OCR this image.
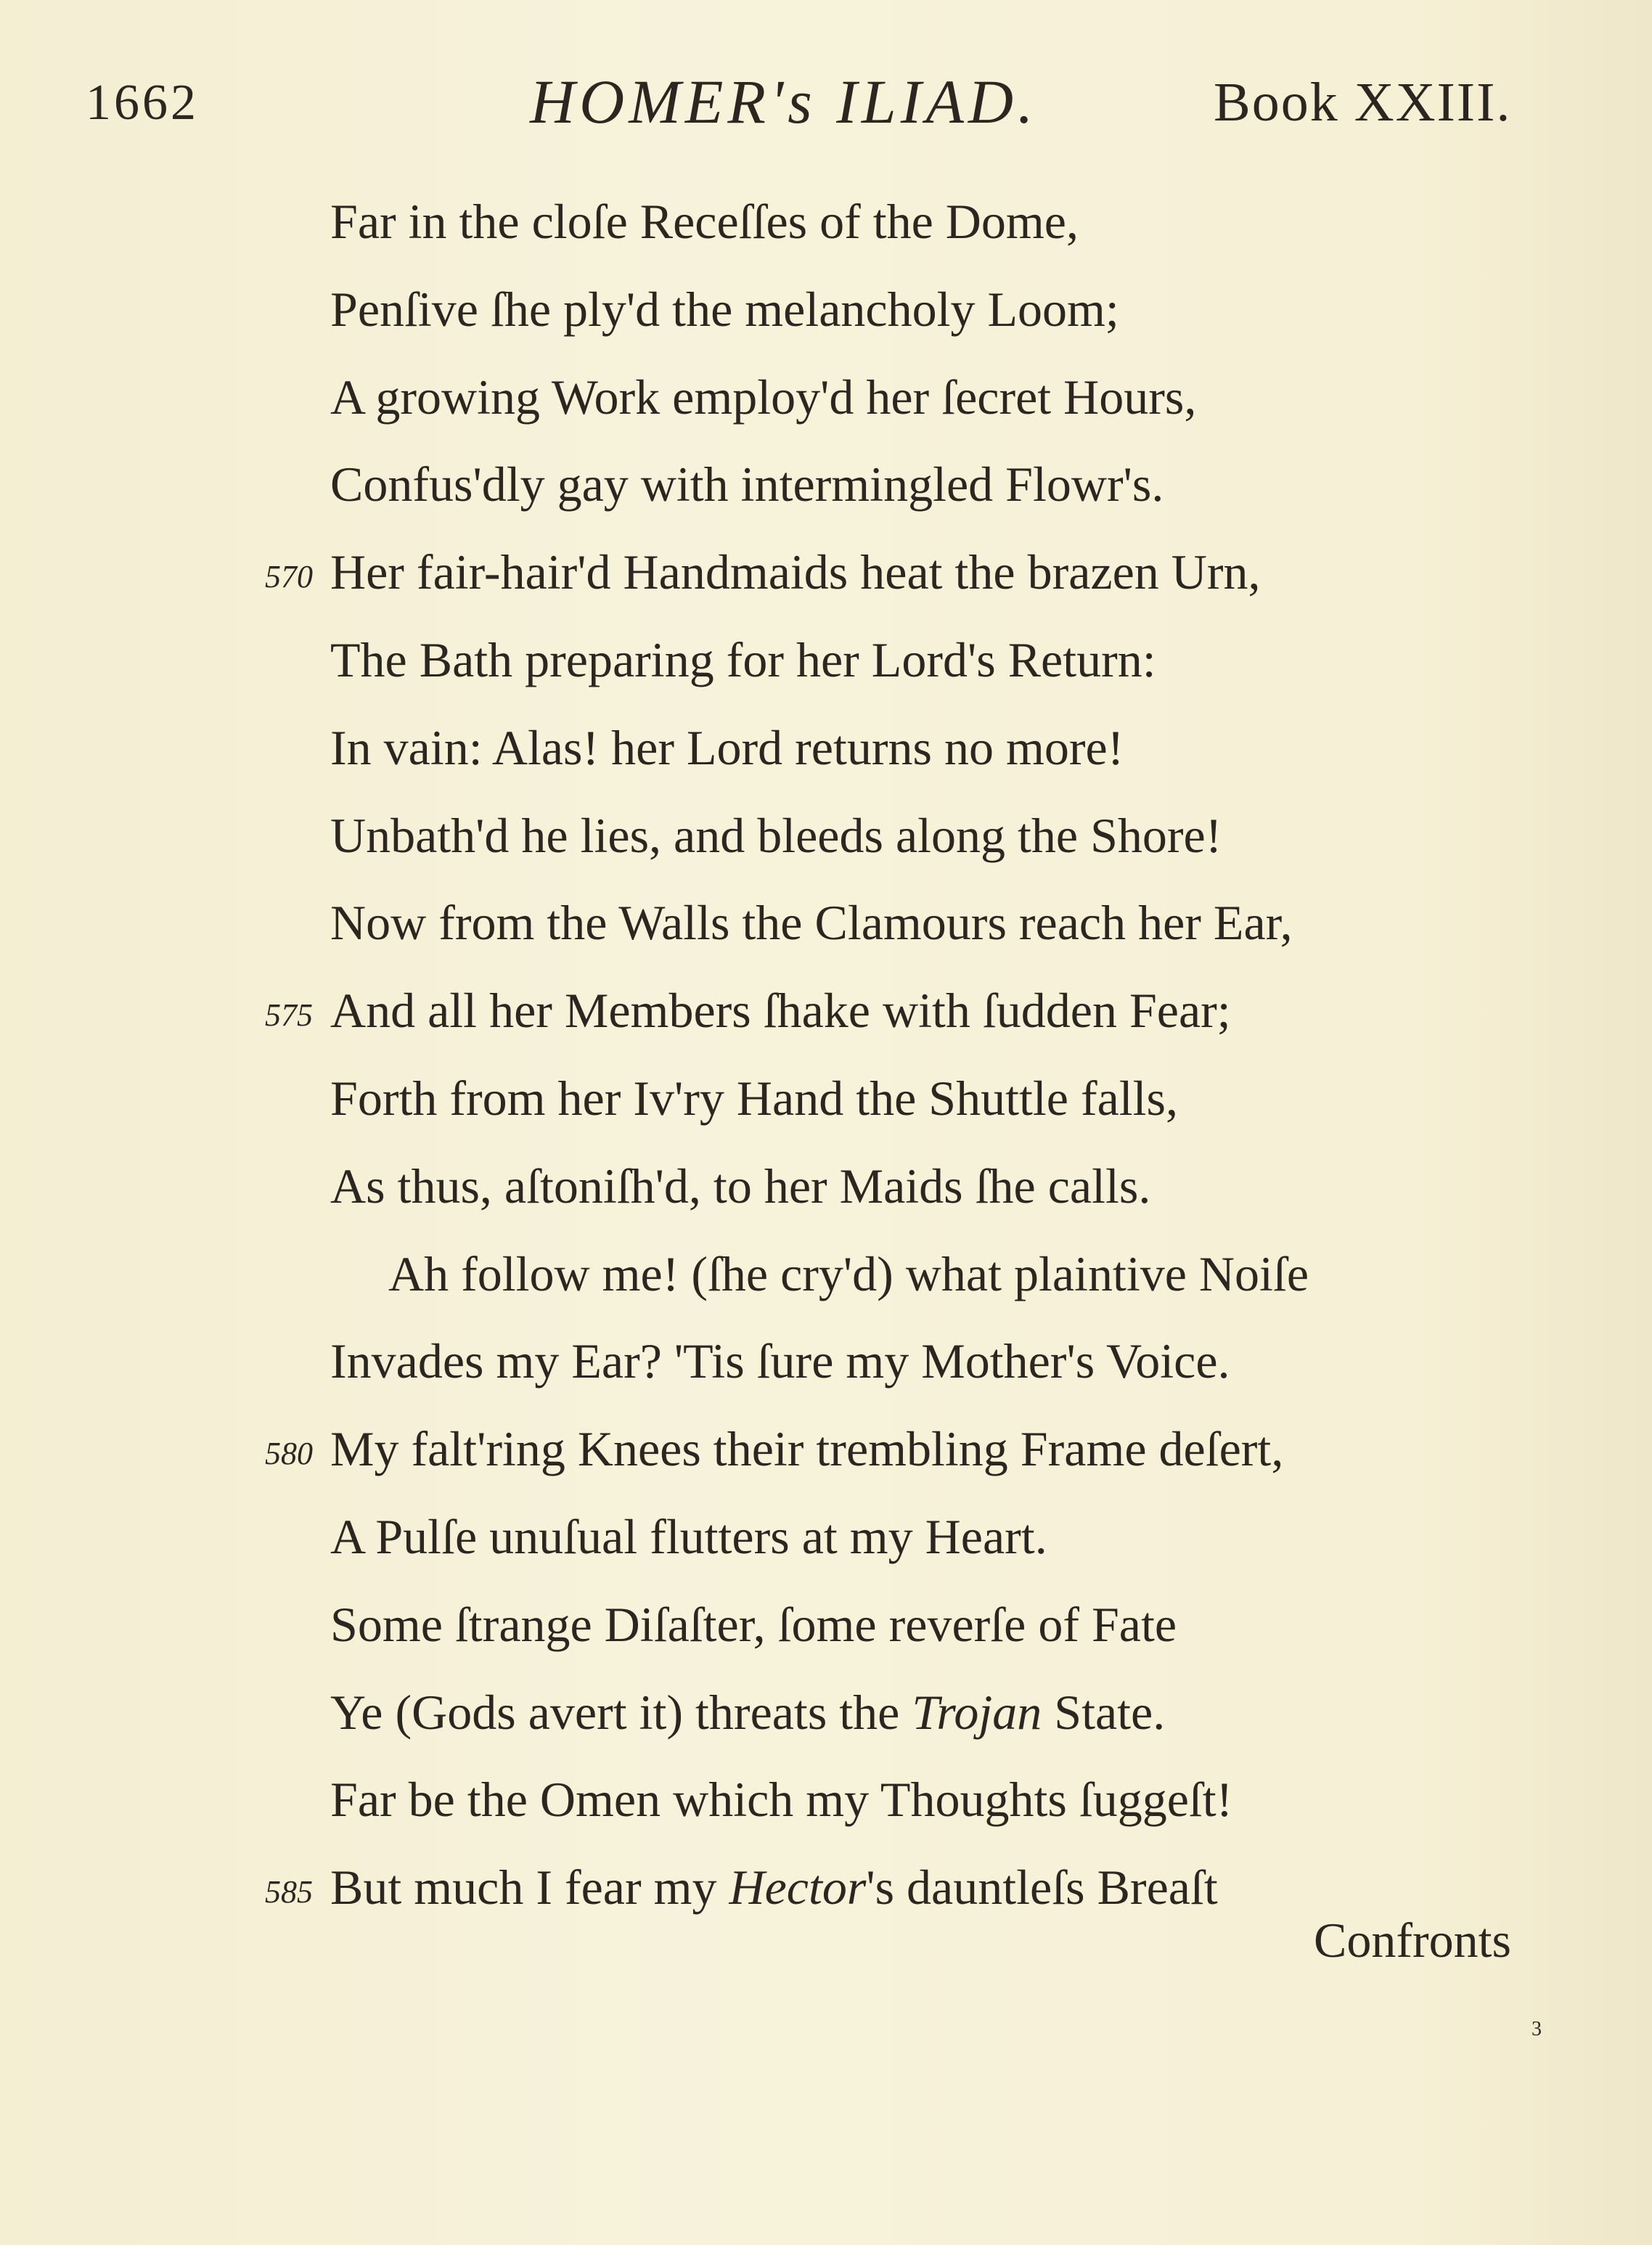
1662	HOMER's ILIAD.	Book XXIII.
Far in the cloſe Receſſes of the Dome,
Penſive ſhe ply'd the melancholy Loom;
A growing Work employ'd her ſecret Hours,
Confus'dly gay with intermingled Flowr's.
570 Her fair-hair'd Handmaids heat the brazen Urn,
The Bath preparing for her Lord's Return:
In vain: Alas! her Lord returns no more!
Unbath'd he lies, and bleeds along the Shore!
Now from the Walls the Clamours reach her Ear,
575 And all her Members ſhake with ſudden Fear;
Forth from her Iv'ry Hand the Shuttle falls,
As thus, aſtoniſh'd, to her Maids ſhe calls.
Ah follow me! (ſhe cry'd) what plaintive Noiſe
Invades my Ear? 'Tis ſure my Mother's Voice.
580 My falt'ring Knees their trembling Frame deſert,
A Pulſe unuſual flutters at my Heart.
Some ſtrange Diſaſter, ſome reverſe of Fate
Ye (Gods avert it) threats the Trojan State.
Far be the Omen which my Thoughts ſuggeſt!
585 But much I fear my Hector's dauntleſs Breaſt
Confronts
3
